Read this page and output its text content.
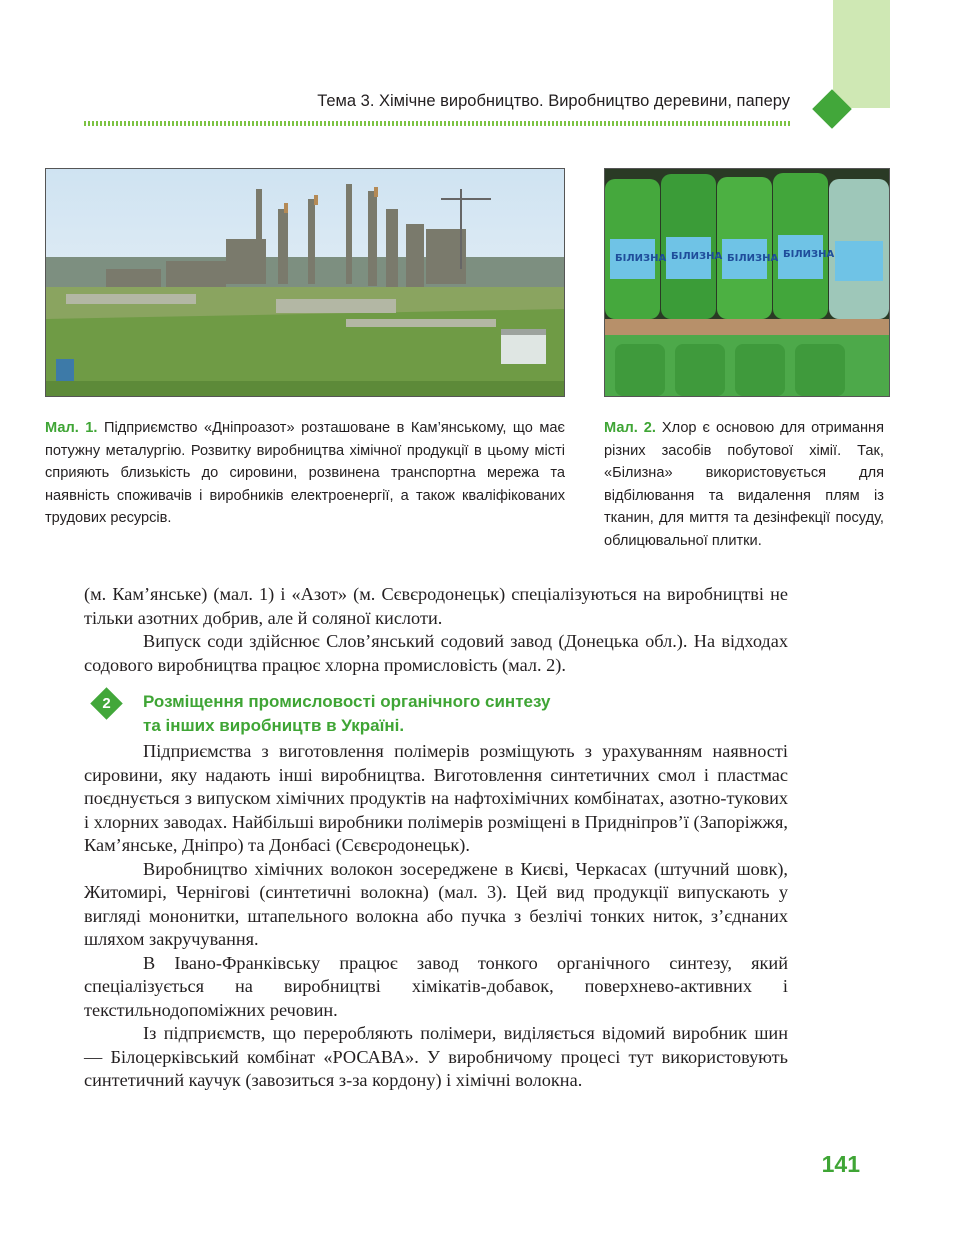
Тема 3. Хімічне виробництво. Виробництво деревини, паперу
БІЛИЗНА БІЛИЗНА БІЛИЗНА БІЛИЗНА
Мал. 1. Підприємство «Дніпроазот» розташоване в Кам’янському, що має потужну металургію. Розвитку виробництва хімічної продукції в цьому місті сприяють близькість до сировини, розвинена транспортна мережа та наявність споживачів і виробників електроенергії, а також кваліфікованих трудових ресурсів.
Мал. 2. Хлор є основою для отримання різних засобів побутової хімії. Так, «Білизна» використовується для відбілювання та видалення плям із тканин, для миття та дезінфекції посуду, облицювальної плитки.

(м. Кам’янське) (мал. 1) і «Азот» (м. Сєвєродонецьк) спеціалізуються на виробництві не тільки азотних добрив, але й соляної кислоти.

Випуск соди здійснює Слов’янський содовий завод (Донецька обл.). На відходах содового виробництва працює хлорна промисловість (мал. 2).

2	Розміщення промисловості органічного синтезу
та інших виробництв в Україні.

Підприємства з виготовлення полімерів розміщують з урахуванням наявності сировини, яку надають інші виробництва. Виготовлення синтетичних смол і пластмас поєднується з випуском хімічних продуктів на нафтохімічних комбінатах, азотно-тукових і хлорних заводах. Найбільші виробники полімерів розміщені в Придніпров’ї (Запоріжжя, Кам’янське, Дніпро) та Донбасі (Сєвєродонецьк).

Виробництво хімічних волокон зосереджене в Києві, Черкасах (штучний шовк), Житомирі, Чернігові (синтетичні волокна) (мал. 3). Цей вид продукції випускають у вигляді мононитки, штапельного волокна або пучка з безлічі тонких ниток, з’єднаних шляхом закручування.

В Івано-Франківську працює завод тонкого органічного синтезу, який спеціалізується на виробництві хімікатів-добавок, поверхнево-активних і текстильнодопоміжних речовин.

Із підприємств, що переробляють полімери, виділяється відомий виробник шин — Білоцерківський комбінат «РОСАВА». У виробничому процесі тут використовують синтетичний каучук (завозиться з-за кордону) і хімічні волокна.

141
